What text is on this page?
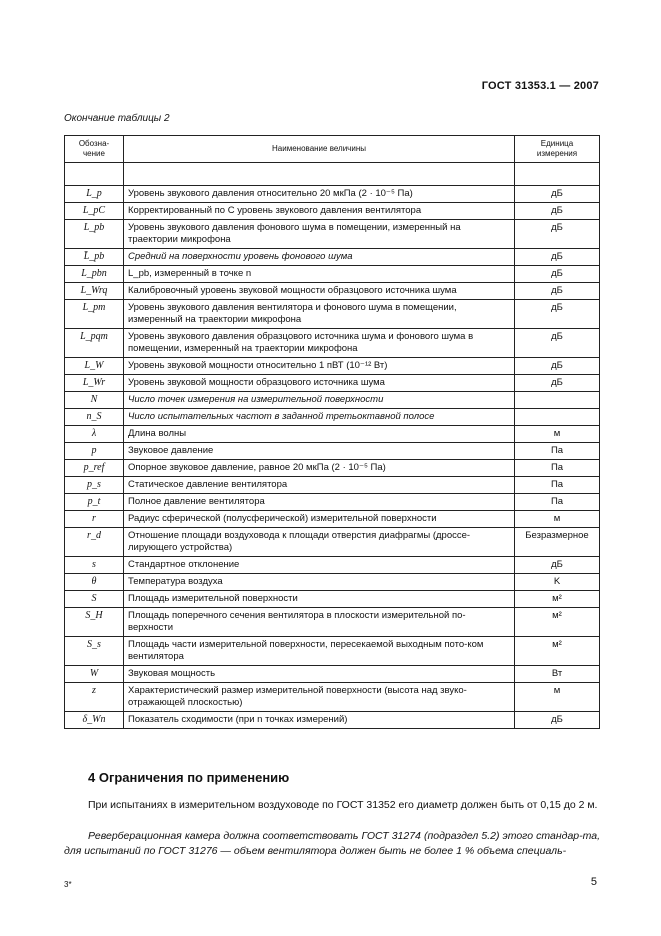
ГОСТ 31353.1 — 2007
Окончание таблицы 2
Обозна-
чение	Наименование величины	Единица
измерения

L_p	Уровень звукового давления относительно 20 мкПа (2 · 10⁻⁵ Па)	дБ
L_pC	Корректированный по C уровень звукового давления вентилятора	дБ
L_pb	Уровень звукового давления фонового шума в помещении, измеренный на траектории микрофона	дБ
L̄_pb	Средний на поверхности уровень фонового шума	дБ
L_pbn	L_pb, измеренный в точке n	дБ
L_Wrq	Калибровочный уровень звуковой мощности образцового источника шума	дБ
L_pm	Уровень звукового давления вентилятора и фонового шума в помещении, измеренный на траектории микрофона	дБ
L_pqm	Уровень звукового давления образцового источника шума и фонового шума в помещении, измеренный на траектории микрофона	дБ
L_W	Уровень звуковой мощности относительно 1 пВТ (10⁻¹² Вт)	дБ
L_Wr	Уровень звуковой мощности образцового источника шума	дБ
N	Число точек измерения на измерительной поверхности	
n_S	Число испытательных частот в заданной третьоктавной полосе	
λ	Длина волны	м
p	Звуковое давление	Па
p_ref	Опорное звуковое давление, равное 20 мкПа (2 · 10⁻⁵ Па)	Па
p_s	Статическое давление вентилятора	Па
p_t	Полное давление вентилятора	Па
r	Радиус сферической (полусферической) измерительной поверхности	м
r_d	Отношение площади воздуховода к площади отверстия диафрагмы (дроссе-лирующего устройства)	Безразмерное
s	Стандартное отклонение	дБ
θ	Температура воздуха	K
S	Площадь измерительной поверхности	м²
S_H	Площадь поперечного сечения вентилятора в плоскости измерительной по-верхности	м²
S_s	Площадь части измерительной поверхности, пересекаемой выходным пото-ком вентилятора	м²
W	Звуковая мощность	Вт
z	Характеристический размер измерительной поверхности (высота над звуко-отражающей плоскостью)	м
δ_Wn	Показатель сходимости (при n точках измерений)	дБ
4 Ограничения по применению

При испытаниях в измерительном воздуховоде по ГОСТ 31352 его диаметр должен быть от 0,15 до 2 м.

Реверберационная камера должна соответствовать ГОСТ 31274 (подраздел 5.2) этого стандар-та, для испытаний по ГОСТ 31276 — объем вентилятора должен быть не более 1 % объема специаль-

3*	5
